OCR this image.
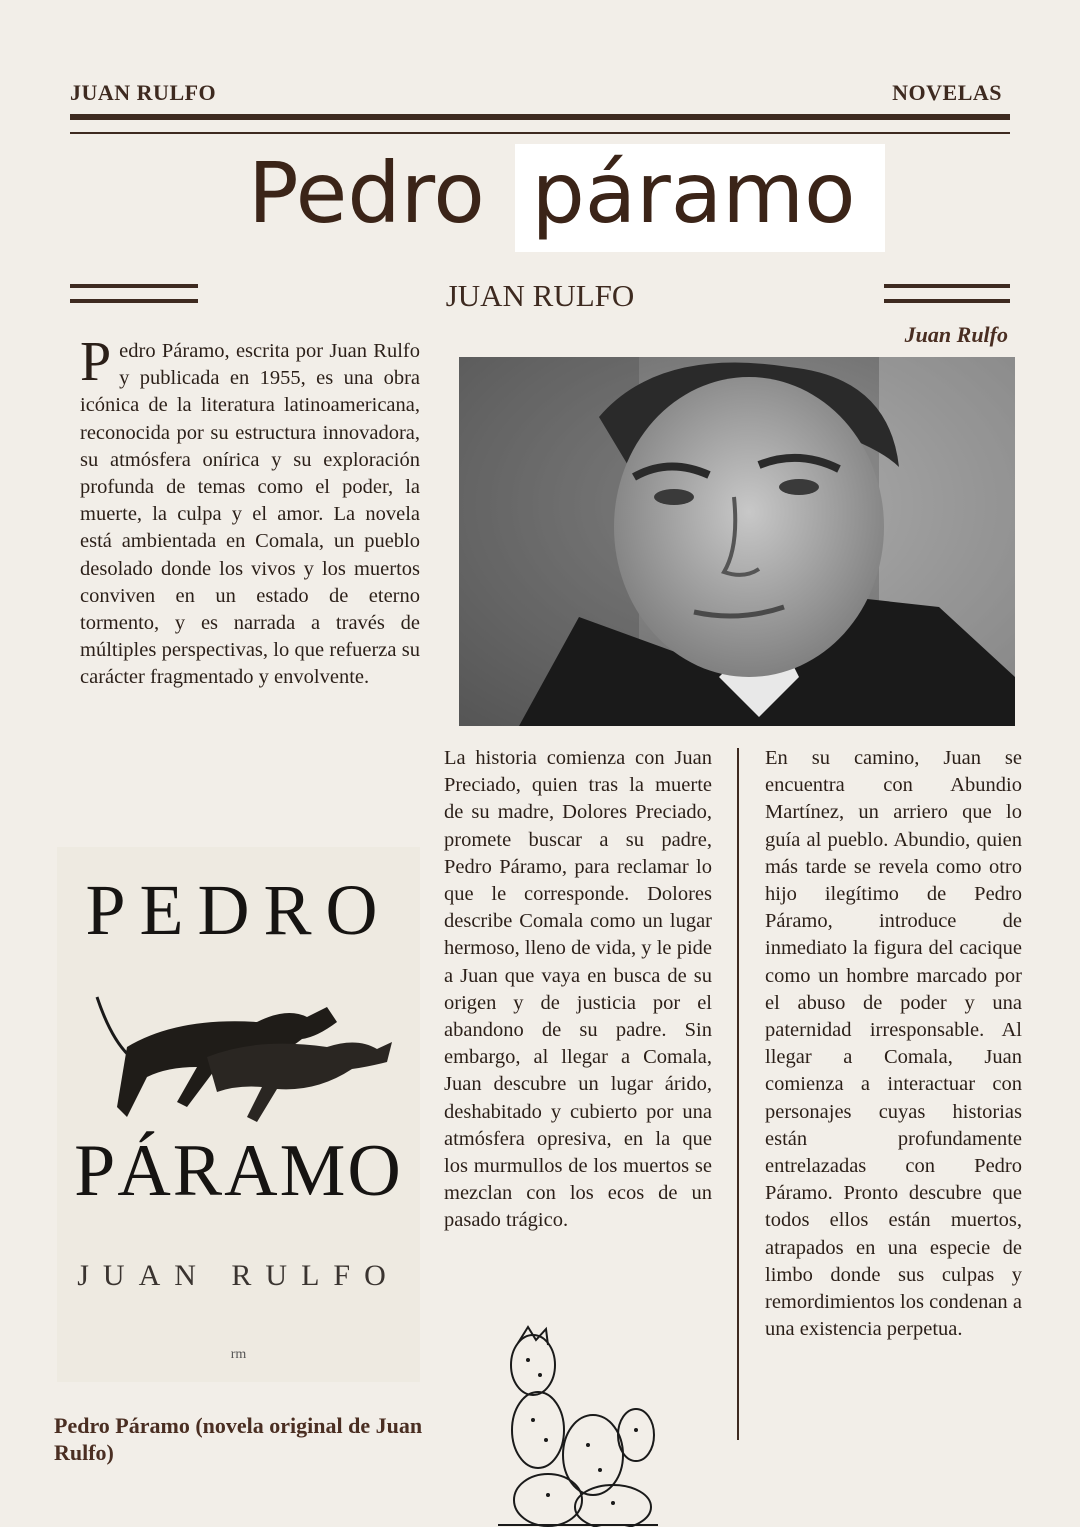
JUAN RULFO	NOVELAS
Pedro páramo
JUAN RULFO
Juan Rulfo
Pedro Páramo, escrita por Juan Rulfo y publicada en 1955, es una obra icónica de la literatura latinoamericana, reconocida por su estructura innovadora, su atmósfera onírica y su exploración profunda de temas como el poder, la muerte, la culpa y el amor. La novela está ambientada en Comala, un pueblo desolado donde los vivos y los muertos conviven en un estado de eterno tormento, y es narrada a través de múltiples perspectivas, lo que refuerza su carácter fragmentado y envolvente.
La historia comienza con Juan Preciado, quien tras la muerte de su madre, Dolores Preciado, promete buscar a su padre, Pedro Páramo, para reclamar lo que le corresponde. Dolores describe Comala como un lugar hermoso, lleno de vida, y le pide a Juan que vaya en busca de su origen y de justicia por el abandono de su padre. Sin embargo, al llegar a Comala, Juan descubre un lugar árido, deshabitado y cubierto por una atmósfera opresiva, en la que los murmullos de los muertos se mezclan con los ecos de un pasado trágico.
En su camino, Juan se encuentra con Abundio Martínez, un arriero que lo guía al pueblo. Abundio, quien más tarde se revela como otro hijo ilegítimo de Pedro Páramo, introduce de inmediato la figura del cacique como un hombre marcado por el abuso de poder y una paternidad irresponsable. Al llegar a Comala, Juan comienza a interactuar con personajes cuyas historias están profundamente entrelazadas con Pedro Páramo. Pronto descubre que todos ellos están muertos, atrapados en una especie de limbo donde sus culpas y remordimientos los condenan a una existencia perpetua.
PEDRO
PÁRAMO
JUAN RULFO
rm
Pedro Páramo (novela original de Juan Rulfo)
